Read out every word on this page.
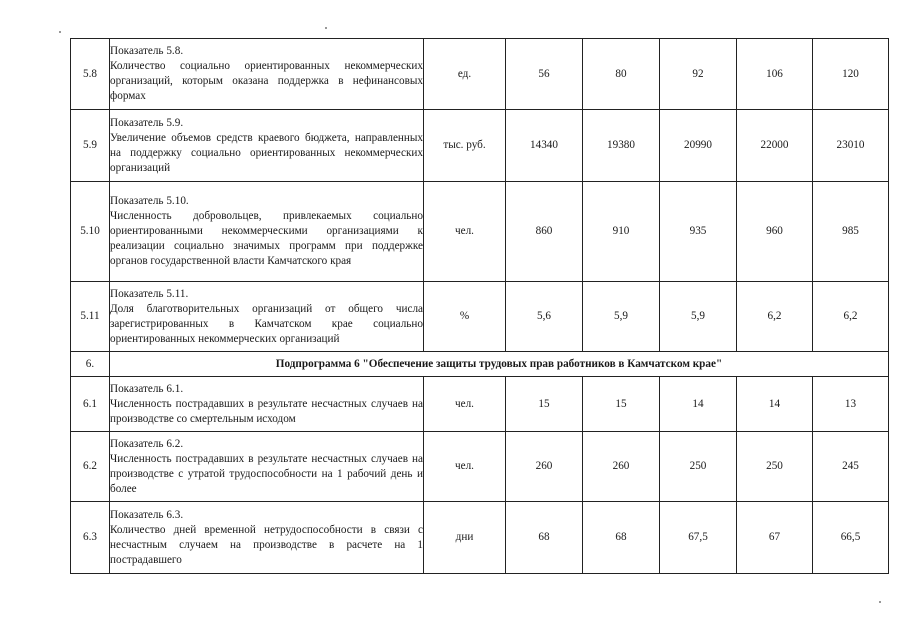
5.8	Показатель 5.8.
Количество социально ориентированных некоммерческих организаций, которым оказана поддержка в нефинансовых формах	ед.	56	80	92	106	120
5.9	Показатель 5.9.
Увеличение объемов средств краевого бюджета, направленных на поддержку социально ориентированных некоммерческих организаций	тыс. руб.	14340	19380	20990	22000	23010
5.10	Показатель 5.10.
Численность добровольцев, привлекаемых социально ориентированными некоммерческими организациями к реализации социально значимых программ при поддержке органов государственной власти Камчатского края	чел.	860	910	935	960	985
5.11	Показатель 5.11.
Доля благотворительных организаций от общего числа зарегистрированных в Камчатском крае социально ориентированных некоммерческих организаций	%	5,6	5,9	5,9	6,2	6,2
6.	Подпрограмма 6 "Обеспечение защиты трудовых прав работников в Камчатском крае"						
6.1	Показатель 6.1.
Численность пострадавших в результате несчастных случаев на производстве со смертельным исходом	чел.	15	15	14	14	13
6.2	Показатель 6.2.
Численность пострадавших в результате несчастных случаев на производстве с утратой трудоспособности на 1 рабочий день и более	чел.	260	260	250	250	245
6.3	Показатель 6.3.
Количество дней временной нетрудоспособности в связи с несчастным случаем на производстве в расчете на 1 пострадавшего	дни	68	68	67,5	67	66,5
